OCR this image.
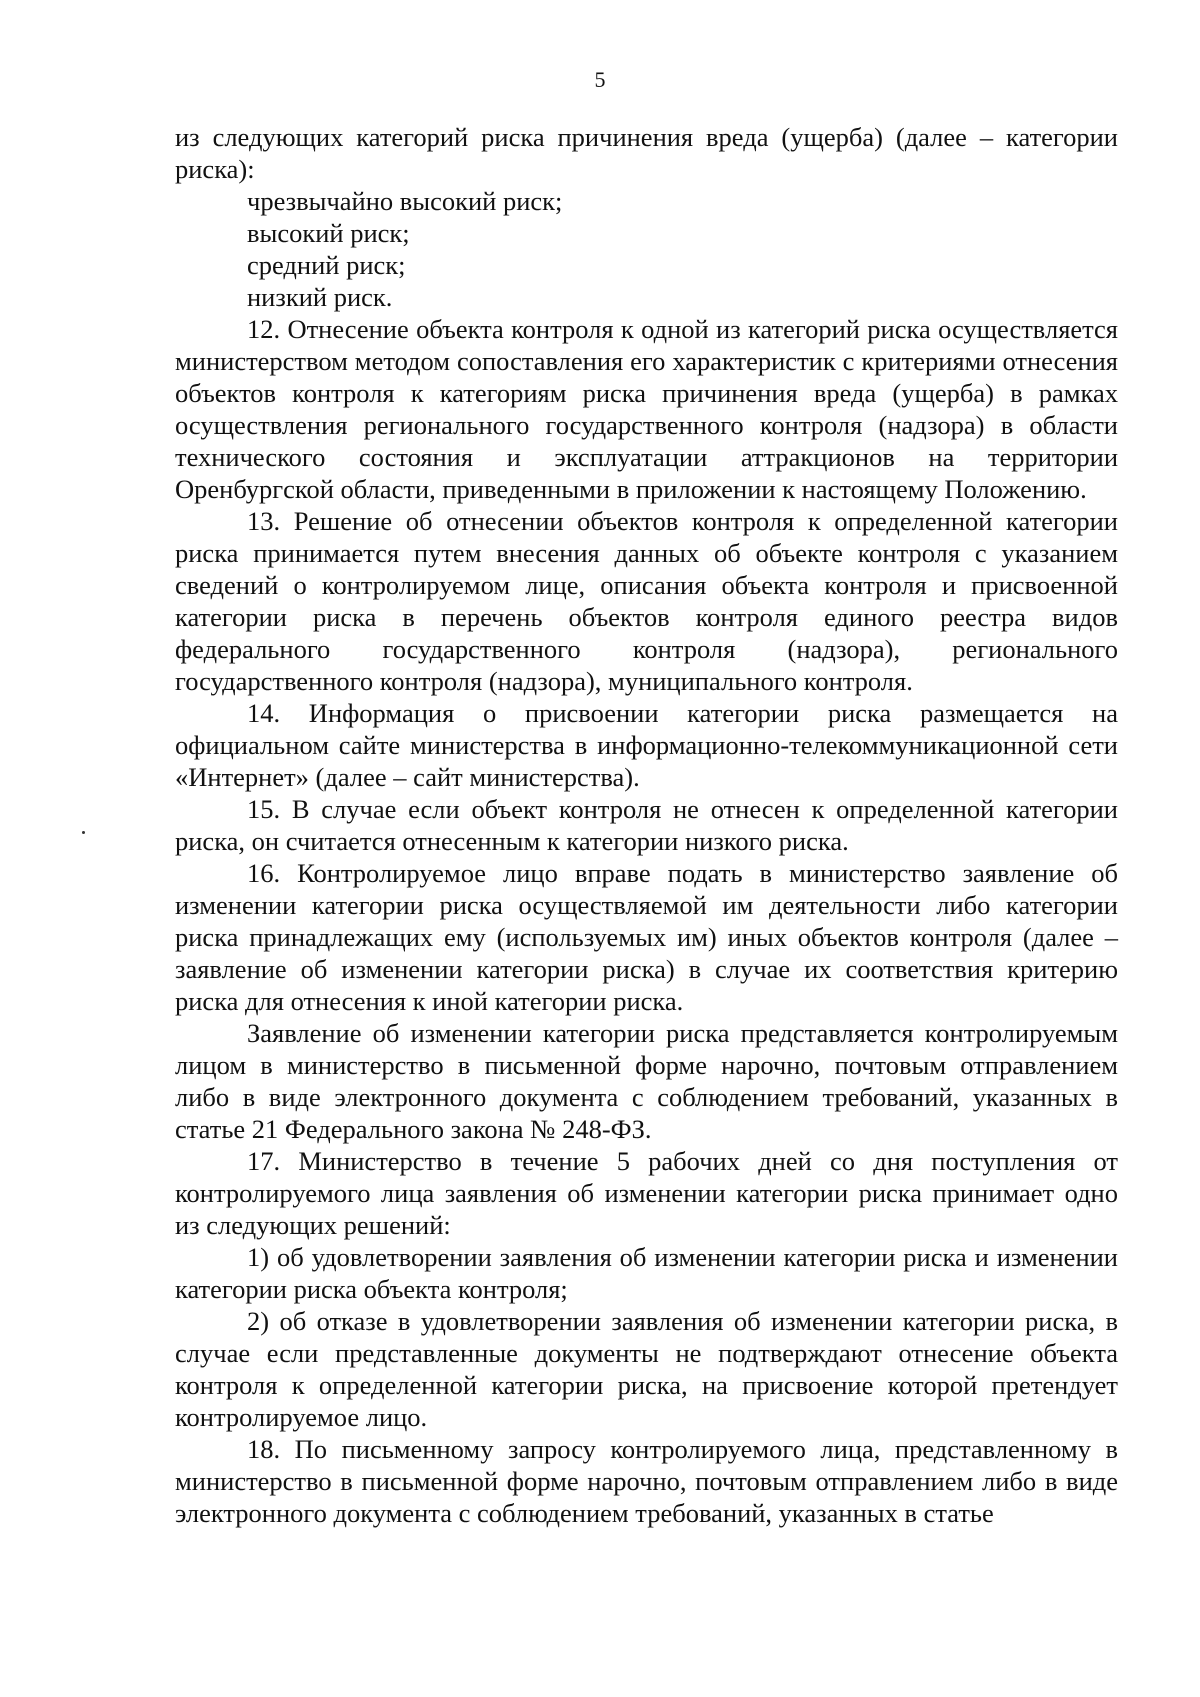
5

из следующих категорий риска причинения вреда (ущерба) (далее – категории риска):

чрезвычайно высокий риск;

высокий риск;

средний риск;

низкий риск.

12. Отнесение объекта контроля к одной из категорий риска осуществляется министерством методом сопоставления его характеристик с критериями отнесения объектов контроля к категориям риска причинения вреда (ущерба) в рамках осуществления регионального государственного контроля (надзора) в области технического состояния и эксплуатации аттракционов на территории Оренбургской области, приведенными в приложении к настоящему Положению.

13. Решение об отнесении объектов контроля к определенной категории риска принимается путем внесения данных об объекте контроля с указанием сведений о контролируемом лице, описания объекта контроля и присвоенной категории риска в перечень объектов контроля единого реестра видов федерального государственного контроля (надзора), регионального государственного контроля (надзора), муниципального контроля.

14. Информация о присвоении категории риска размещается на официальном сайте министерства в информационно-телекоммуникационной сети «Интернет» (далее – сайт министерства).

15. В случае если объект контроля не отнесен к определенной категории риска, он считается отнесенным к категории низкого риска.

16. Контролируемое лицо вправе подать в министерство заявление об изменении категории риска осуществляемой им деятельности либо категории риска принадлежащих ему (используемых им) иных объектов контроля (далее – заявление об изменении категории риска) в случае их соответствия критерию риска для отнесения к иной категории риска.

Заявление об изменении категории риска представляется контролируемым лицом в министерство в письменной форме нарочно, почтовым отправлением либо в виде электронного документа с соблюдением требований, указанных в статье 21 Федерального закона № 248-ФЗ.

17. Министерство в течение 5 рабочих дней со дня поступления от контролируемого лица заявления об изменении категории риска принимает одно из следующих решений:

1) об удовлетворении заявления об изменении категории риска и изменении категории риска объекта контроля;

2) об отказе в удовлетворении заявления об изменении категории риска, в случае если представленные документы не подтверждают отнесение объекта контроля к определенной категории риска, на присвоение которой претендует контролируемое лицо.

18. По письменному запросу контролируемого лица, представленному в министерство в письменной форме нарочно, почтовым отправлением либо в виде электронного документа с соблюдением требований, указанных в статье
